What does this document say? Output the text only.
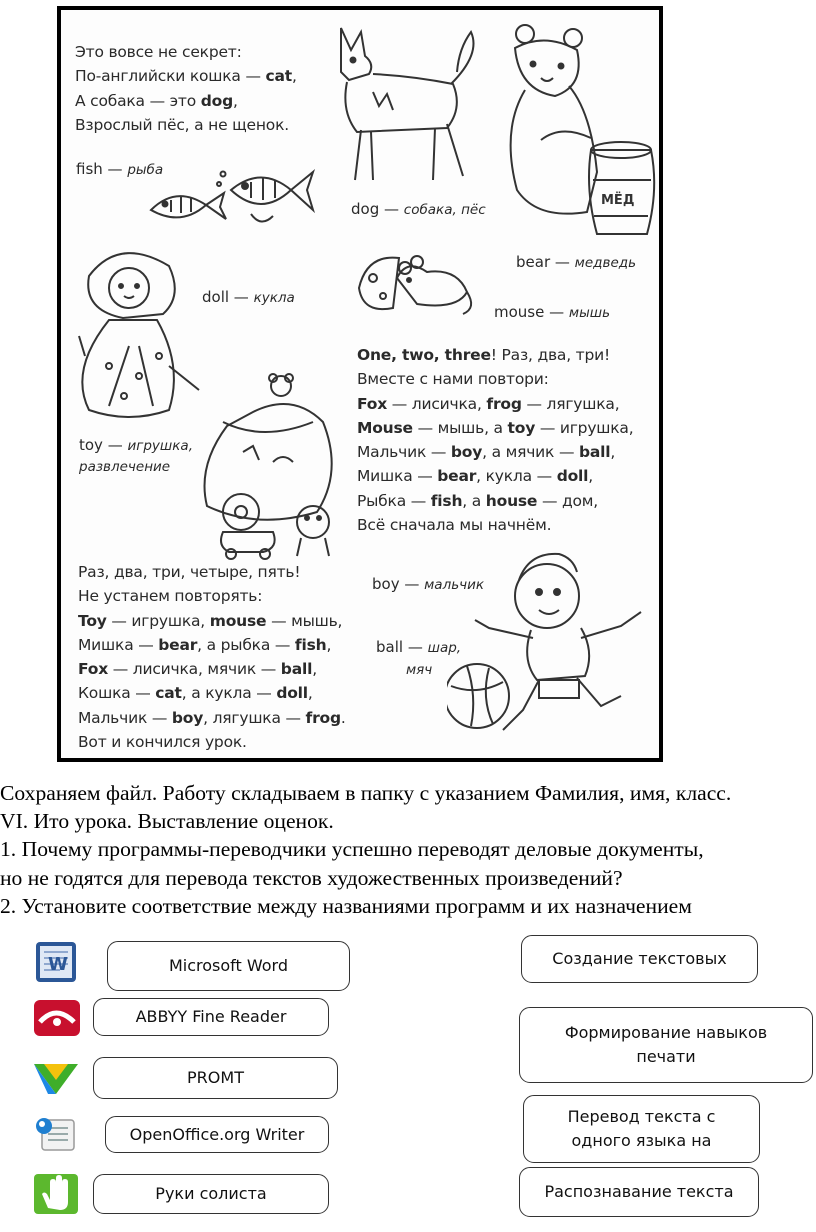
Это вовсе не секрет:
По-английски кошка — cat,
А собака — это dog,
Взрослый пёс, а не щенок.
One, two, three! Раз, два, три!
Вместе с нами повтори:
Fox — лисичка, frog — лягушка,
Mouse — мышь, а toy — игрушка,
Мальчик — boy, а мячик — ball,
Мишка — bear, кукла — doll,
Рыбка — fish, а house — дом,
Всё сначала мы начнём.
Раз, два, три, четыре, пять!
Не устанем повторять:
Toy — игрушка, mouse — мышь,
Мишка — bear, а рыбка — fish,
Fox — лисичка, мячик — ball,
Кошка — cat, а кукла — doll,
Мальчик — boy, лягушка — frog.
Вот и кончился урок.
fish — рыба
dog — собака, пёс
bear — медведь
doll — кукла
mouse — мышь
toy — игрушка,
развлечение
boy — мальчик
ball — шар,
мяч
МЁД
Сохраняем файл. Работу складываем в папку с указанием Фамилия, имя, класс.
VI. Ито урока. Выставление оценок.
1. Почему программы-переводчики успешно переводят деловые документы,
но не годятся для перевода текстов художественных произведений?
2. Установите соответствие между названиями программ и их назначением
W	Microsoft Word
ABBYY Fine Reader
PROMT
OpenOffice.org Writer
Руки солиста
Создание текстовых
Формирование навыков
печати
Перевод текста с
одного языка на
Распознавание текста
